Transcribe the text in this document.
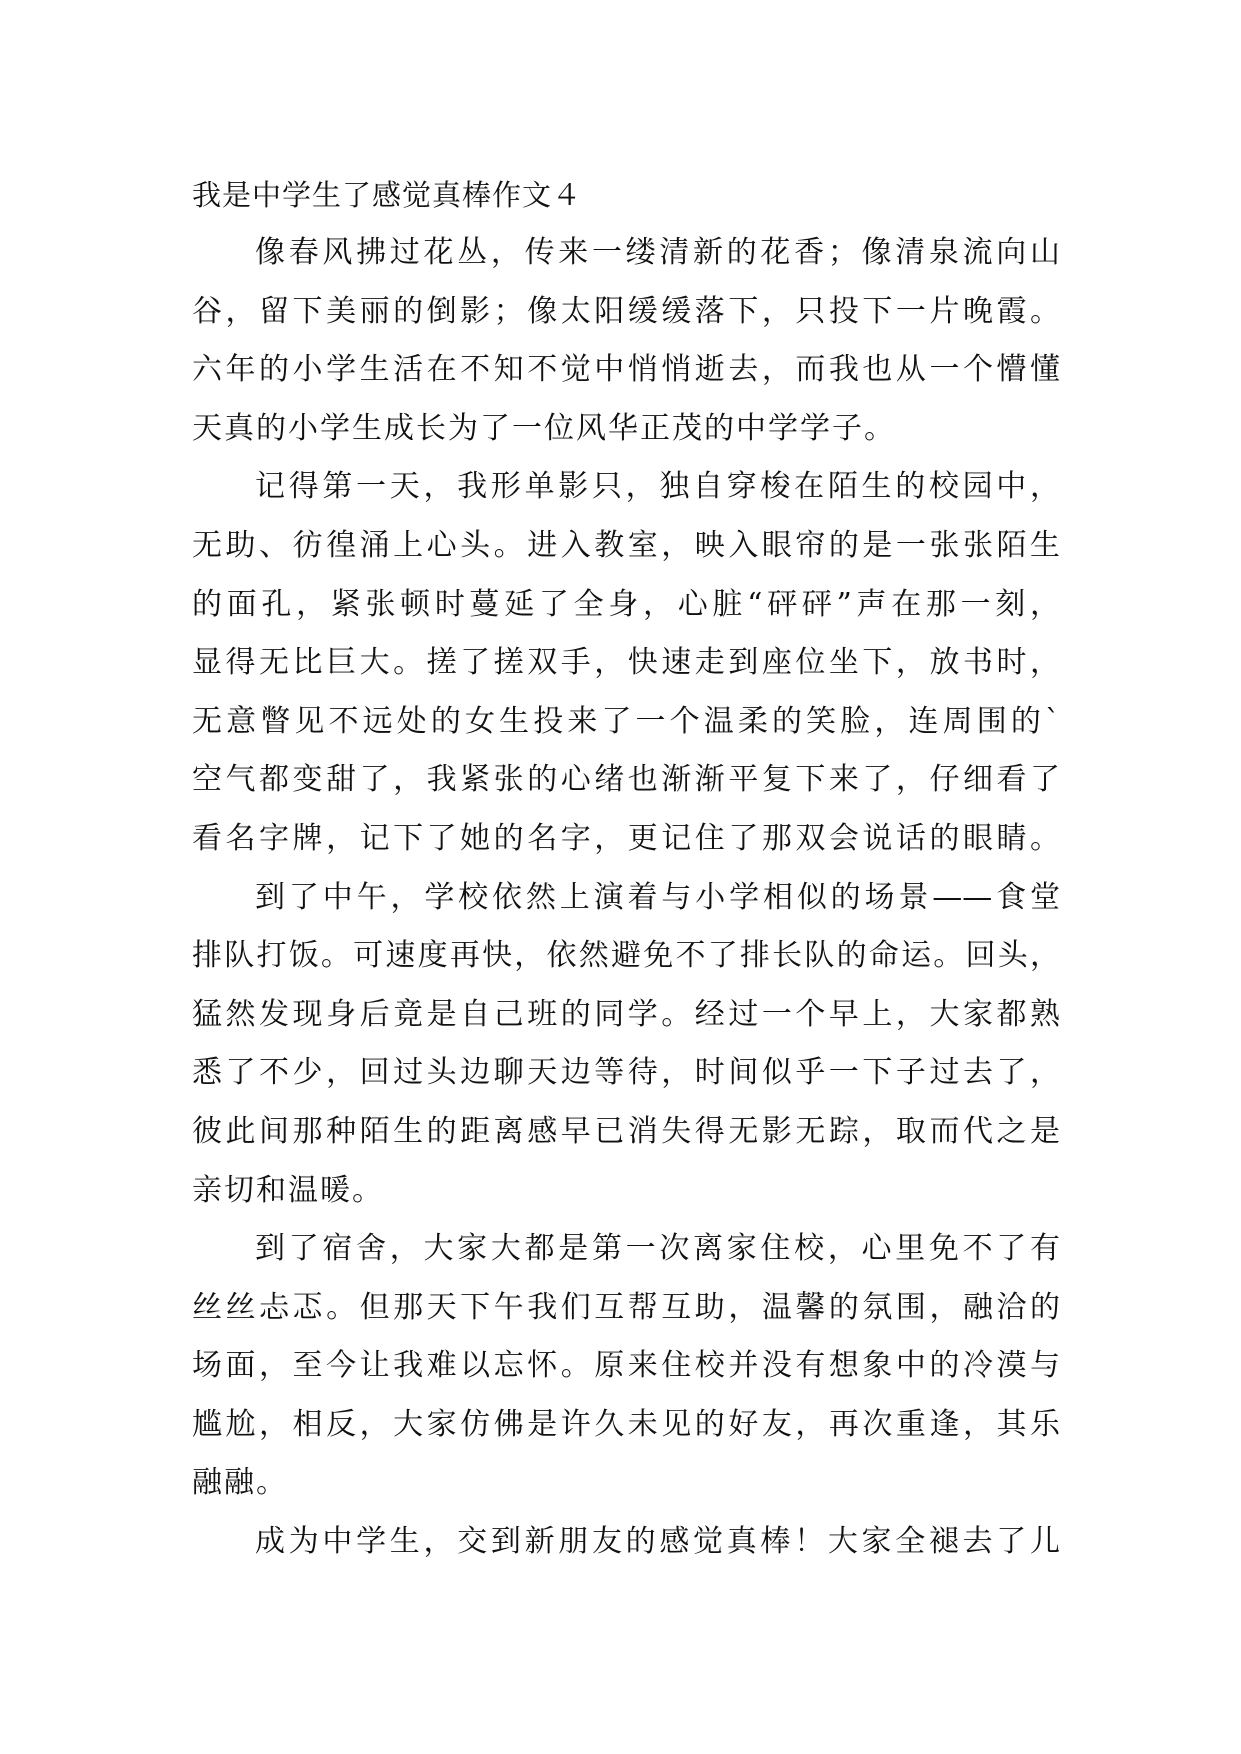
我是中学生了感觉真棒作文４
像春风拂过花丛，传来一缕清新的花香；像清泉流向山
谷，留下美丽的倒影；像太阳缓缓落下，只投下一片晚霞。
六年的小学生活在不知不觉中悄悄逝去，而我也从一个懵懂
天真的小学生成长为了一位风华正茂的中学学子。
记得第一天，我形单影只，独自穿梭在陌生的校园中，
无助、彷徨涌上心头。进入教室，映入眼帘的是一张张陌生
的面孔，紧张顿时蔓延了全身，心脏“砰砰”声在那一刻，
显得无比巨大。搓了搓双手，快速走到座位坐下，放书时，
无意瞥见不远处的女生投来了一个温柔的笑脸，连周围的`
空气都变甜了，我紧张的心绪也渐渐平复下来了，仔细看了
看名字牌，记下了她的名字，更记住了那双会说话的眼睛。
到了中午，学校依然上演着与小学相似的场景——食堂
排队打饭。可速度再快，依然避免不了排长队的命运。回头，
猛然发现身后竟是自己班的同学。经过一个早上，大家都熟
悉了不少，回过头边聊天边等待，时间似乎一下子过去了，
彼此间那种陌生的距离感早已消失得无影无踪，取而代之是
亲切和温暖。
到了宿舍，大家大都是第一次离家住校，心里免不了有
丝丝忐忑。但那天下午我们互帮互助，温馨的氛围，融洽的
场面，至今让我难以忘怀。原来住校并没有想象中的冷漠与
尴尬，相反，大家仿佛是许久未见的好友，再次重逢，其乐
融融。
成为中学生，交到新朋友的感觉真棒！大家全褪去了儿
